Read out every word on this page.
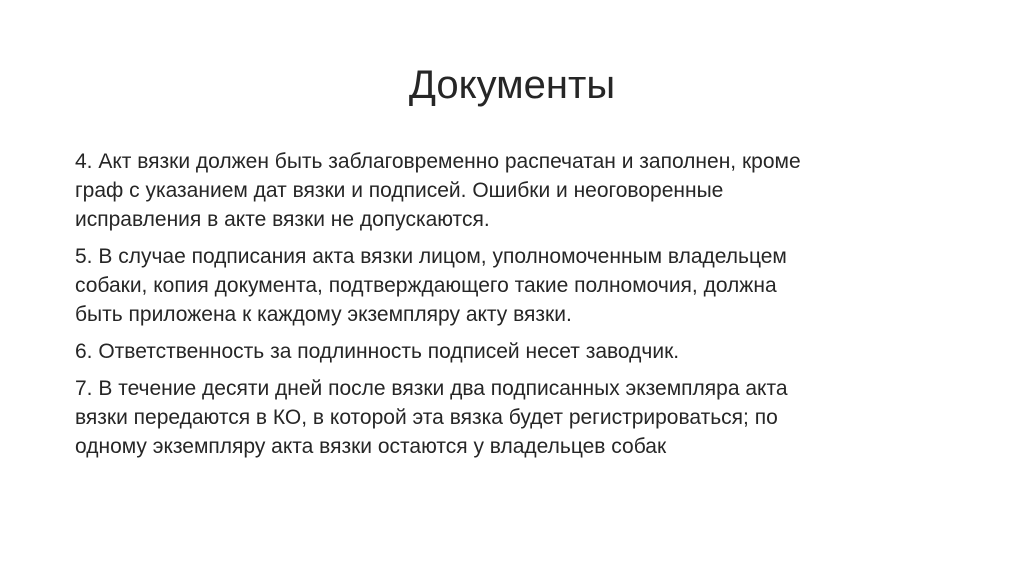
Документы

4. Акт вязки должен быть заблаговременно распечатан и заполнен, кроме
граф с указанием дат вязки и подписей. Ошибки и неоговоренные
исправления в акте вязки не допускаются.

5. В случае подписания акта вязки лицом, уполномоченным владельцем
собаки, копия документа, подтверждающего такие полномочия, должна
быть приложена к каждому экземпляру акту вязки.

6. Ответственность за подлинность подписей несет заводчик.

7. В течение десяти дней после вязки два подписанных экземпляра акта
вязки передаются в КО, в которой эта вязка будет регистрироваться; по
одному экземпляру акта вязки остаются у владельцев собак
